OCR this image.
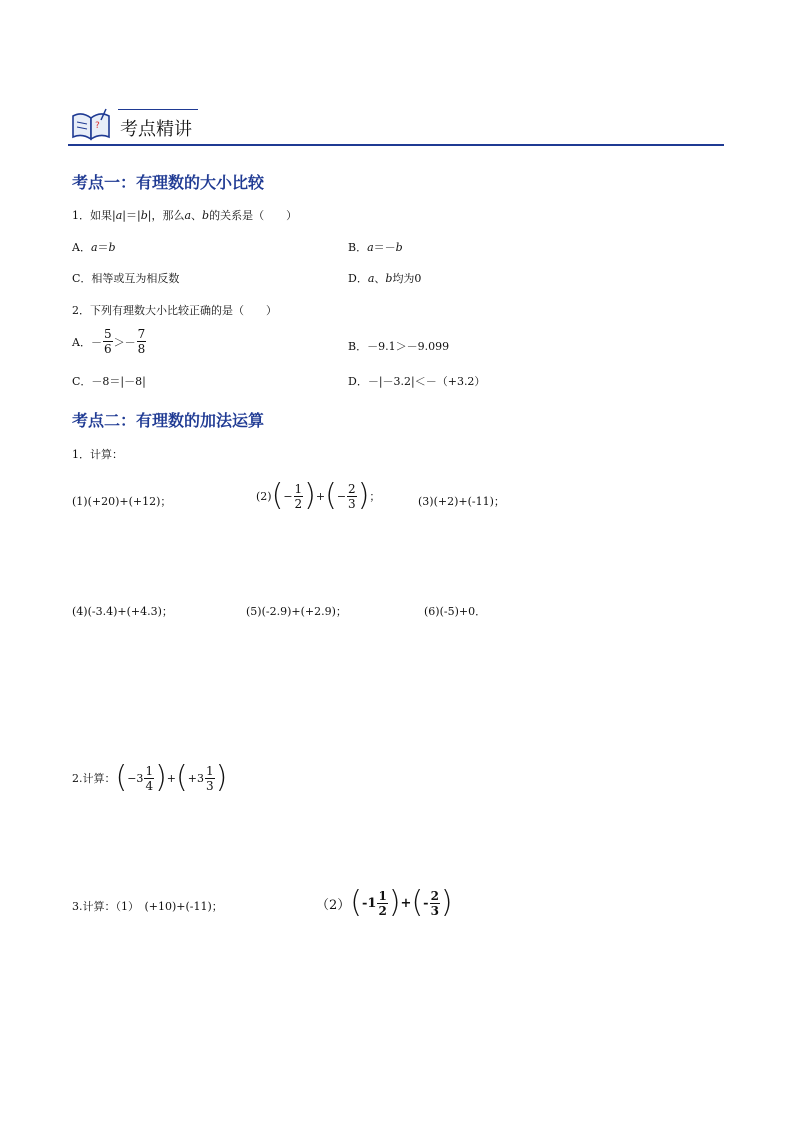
? 考点精讲
考点一：有理数的大小比较
1．如果|a|＝|b|，那么a、b的关系是（　　）
A．a＝b	B．a＝－b
C．相等或互为相反数	D．a、b均为0
2．下列有理数大小比较正确的是（　　）
A． － $\frac{5}{6} >- \frac{7}{8}$	B．－9.1＞－9.099
C．－8＝|－8|	D．－|－3.2|＜－（+3.2）
考点二：有理数的加法运算
1．计算：
(1)(+20)+(+12)；	(2) ( − $\frac{1}{2}$ ) + ( − $\frac{2}{3}$ ) ；	(3)(+2)+(-11)；
(4)(-3.4)+(+4.3)；	(5)(-2.9)+(+2.9)；	(6)(-5)+0．
2.计算： ( $-3 \frac{1}{4}$ ) + ( $+3 \frac{1}{3}$ )
3.计算：（1）　(+10)+(-11)；	（2） ( $-1 \frac{1}{2}$ ) + ( - $\frac{2}{3}$ )
